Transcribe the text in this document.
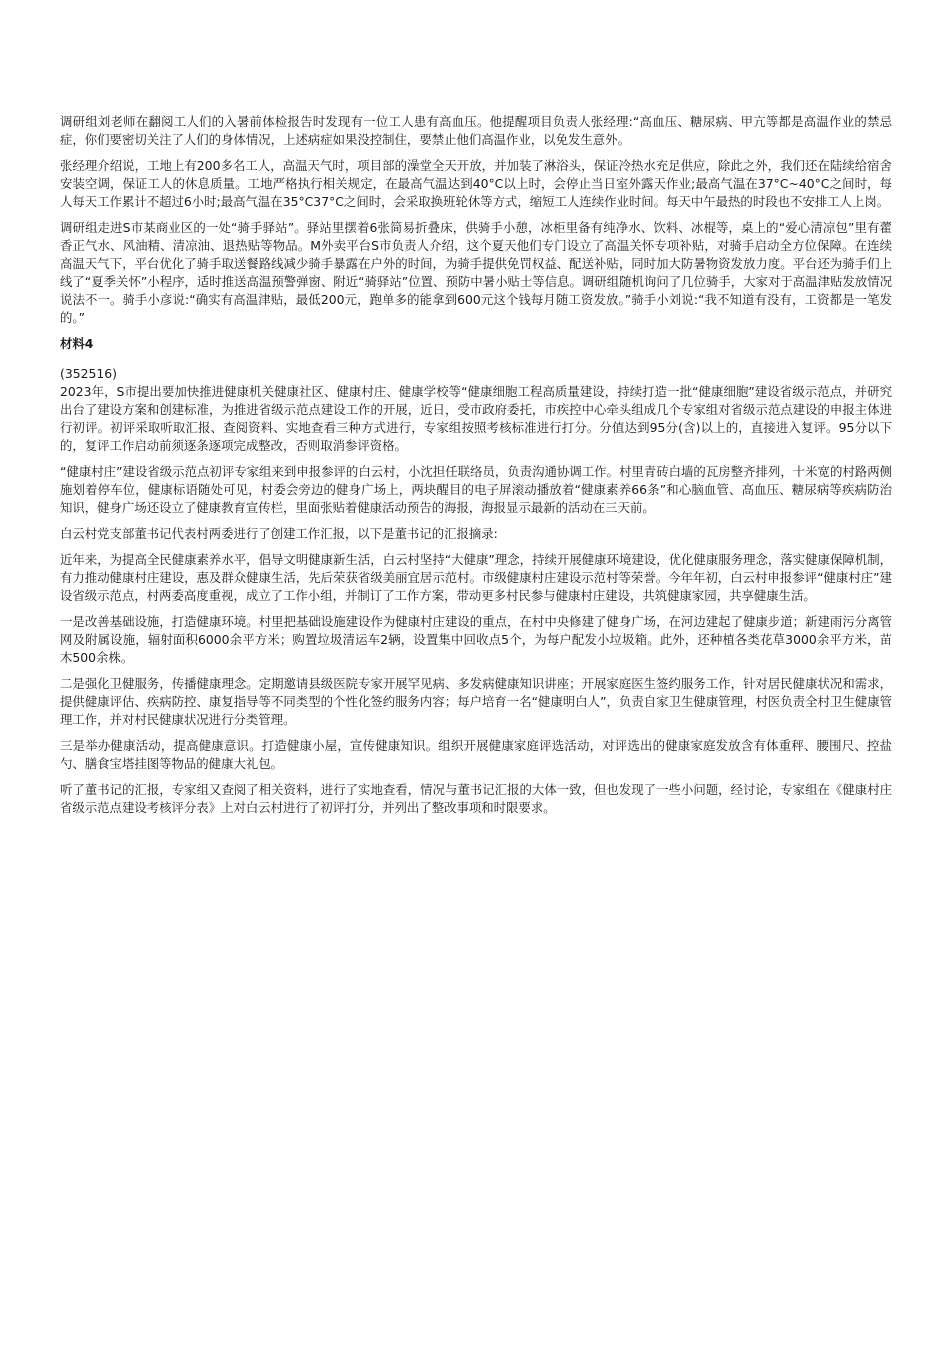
调研组刘老师在翻阅工人们的入暑前体检报告时发现有一位工人患有高血压。他提醒项目负责人张经理:“高血压、糖尿病、甲亢等都是高温作业的禁忌症，你们要密切关注了人们的身体情况，上述病症如果没控制住，要禁止他们高温作业，以免发生意外。

张经理介绍说，工地上有200多名工人，高温天气时，项目部的澡堂全天开放，并加装了淋浴头，保证冷热水充足供应，除此之外，我们还在陆续给宿舍安装空调，保证工人的休息质量。工地严格执行相关规定，在最高气温达到40°C以上时，会停止当日室外露天作业;最高气温在37°C~40°C之间时，每人每天工作累计不超过6小时;最高气温在35°C37°C之间时，会采取换班轮休等方式，缩短工人连续作业时间。每天中午最热的时段也不安排工人上岗。

调研组走进S市某商业区的一处“骑手驿站”。驿站里摆着6张简易折叠床，供骑手小憩，冰柜里备有纯净水、饮料、冰棍等，桌上的“爱心清凉包”里有藿香正气水、风油精、清凉油、退热贴等物品。M外卖平台S市负责人介绍，这个夏天他们专门设立了高温关怀专项补贴，对骑手启动全方位保障。在连续高温天气下，平台优化了骑手取送餐路线减少骑手暴露在户外的时间，为骑手提供免罚权益、配送补贴，同时加大防暑物资发放力度。平台还为骑手们上线了“夏季关怀”小程序，适时推送高温预警弹窗、附近“骑驿站”位置、预防中暑小贴士等信息。调研组随机询问了几位骑手，大家对于高温津贴发放情况说法不一。骑手小彦说:“确实有高温津贴，最低200元，跑单多的能拿到600元这个钱每月随工资发放。”骑手小刘说:“我不知道有没有，工资都是一笔发的。”

材料4

(352516)

2023年，S市提出要加快推进健康机关健康社区、健康村庄、健康学校等“健康细胞工程高质量建设，持续打造一批“健康细胞”建设省级示范点，并研究出台了建设方案和创建标准，为推进省级示范点建设工作的开展，近日，受市政府委托，市疾控中心牵头组成几个专家组对省级示范点建设的申报主体进行初评。初评采取听取汇报、查阅资料、实地查看三种方式进行，专家组按照考核标准进行打分。分值达到95分(含)以上的，直接进入复评。95分以下的，复评工作启动前须逐条逐项完成整改，否则取消参评资格。

“健康村庄”建设省级示范点初评专家组来到申报参评的白云村，小沈担任联络员，负责沟通协调工作。村里青砖白墙的瓦房整齐排列，十米宽的村路两侧施划着停车位，健康标语随处可见，村委会旁边的健身广场上，两块醒目的电子屏滚动播放着“健康素养66条”和心脑血管、高血压、糖尿病等疾病防治知识，健身广场还设立了健康教育宣传栏，里面张贴着健康活动预告的海报，海报显示最新的活动在三天前。

白云村党支部董书记代表村两委进行了创建工作汇报，以下是董书记的汇报摘录:

近年来，为提高全民健康素养水平，倡导文明健康新生活，白云村坚持“大健康”理念，持续开展健康环境建设，优化健康服务理念，落实健康保障机制，有力推动健康村庄建设，惠及群众健康生活，先后荣获省级美丽宜居示范村。市级健康村庄建设示范村等荣誉。今年年初，白云村申报参评“健康村庄”建设省级示范点，村两委高度重视，成立了工作小组，并制订了工作方案，带动更多村民参与健康村庄建设，共筑健康家园，共享健康生活。

一是改善基础设施，打造健康环境。村里把基础设施建设作为健康村庄建设的重点，在村中央修建了健身广场，在河边建起了健康步道；新建雨污分离管网及附属设施，辐射面积6000余平方米；购置垃圾清运车2辆，设置集中回收点5个，为每户配发小垃圾箱。此外，还种植各类花草3000余平方米，苗木500余株。

二是强化卫健服务，传播健康理念。定期邀请县级医院专家开展罕见病、多发病健康知识讲座；开展家庭医生签约服务工作，针对居民健康状况和需求，提供健康评估、疾病防控、康复指导等不同类型的个性化签约服务内容；每户培育一名“健康明白人”，负责自家卫生健康管理，村医负责全村卫生健康管理工作，并对村民健康状况进行分类管理。

三是举办健康活动，提高健康意识。打造健康小屋，宣传健康知识。组织开展健康家庭评选活动，对评选出的健康家庭发放含有体重秤、腰围尺、控盐勺、膳食宝塔挂图等物品的健康大礼包。

听了董书记的汇报，专家组又查阅了相关资料，进行了实地查看，情况与董书记汇报的大体一致，但也发现了一些小问题，经讨论，专家组在《健康村庄省级示范点建设考核评分表》上对白云村进行了初评打分，并列出了整改事项和时限要求。
